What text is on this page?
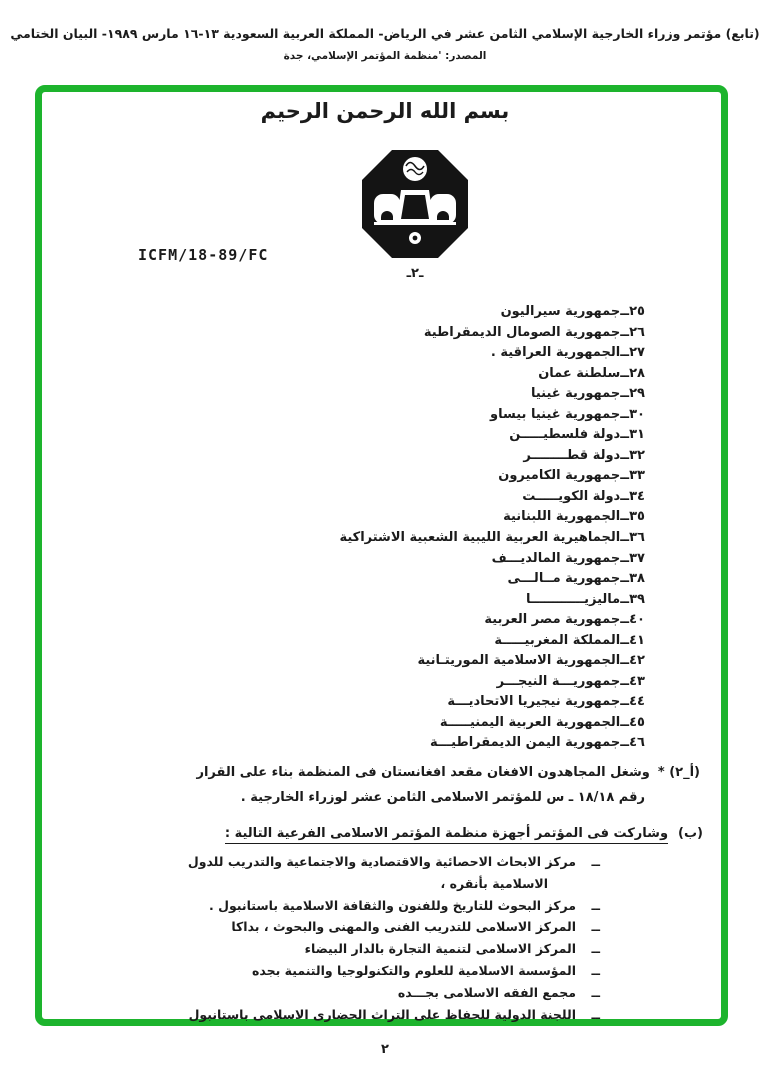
(تابع) مؤتمر وزراء الخارجية الإسلامي الثامن عشر في الرياض- المملكة العربية السعودية ١٣-١٦ مارس ١٩٨٩- البيان الختامي
المصدر: 'منظمة المؤتمر الإسلامي، جدة
بسم الله الرحمن الرحيم
ICFM/18-89/FC
ـ٢ـ
٢٥ــ
جمهورية سيراليون
٢٦ــ
جمهورية الصومال الديمقراطية
٢٧ــ
الجمهورية العراقية .
٢٨ــ
سلطنة عمان
٢٩ــ
جمهورية غينيا
٣٠ــ
جمهورية غينيا بيساو
٣١ــ
دولة فلسطيـــــن
٣٢ــ
دولة قطــــــــر
٣٣ــ
جمهورية الكاميرون
٣٤ــ
دولة الكويـــــت
٣٥ــ
الجمهورية اللبنانية
٣٦ــ
الجماهيرية العربية الليبية الشعبية الاشتراكية
٣٧ــ
جمهورية المالديـــف
٣٨ــ
جمهورية مــالـــى
٣٩ــ
ماليزيــــــــــــا
٤٠ــ
جمهورية مصر العربية
٤١ــ
المملكة المغربيـــــة
٤٢ــ
الجمهورية الاسلامية الموريتـانية
٤٣ــ
جمهوريـــة النيجـــر
٤٤ــ
جمهورية نيجيريا الاتحاديـــة
٤٥ــ
الجمهورية العربية اليمنيـــــة
٤٦ــ
جمهورية اليمن الديمقراطيـــة
(أ_٢) *وشغل المجاهدون الافغان مقعد افغانستان فى المنظمة بناء على القرار
رقم ١٨/١٨ ـ س للمؤتمر الاسلامى الثامن عشر لوزراء الخارجية .
(ب)وشاركت فى المؤتمر أجهزة منظمة المؤتمر الاسلامى الفرعية التالية :
ــ
مركز الابحاث الاحصائية والاقتصادية والاجتماعية والتدريب للدول
الاسلامية بأنقره ،
ــ
مركز البحوث للتاريخ وللفنون والثقافة الاسلامية باستانبول .
ــ
المركز الاسلامى للتدريب الفنى والمهنى والبحوث ، بداكا
ــ
المركز الاسلامى لتنمية التجارة بالدار البيضاء
ــ
المؤسسة الاسلامية للعلوم والتكنولوجيا والتنمية بجده
ــ
مجمع الفقه الاسلامى بجـــده
ــ
اللجنة الدولية للحفاظ على التراث الحضارى الاسلامى باستانبول
٢
